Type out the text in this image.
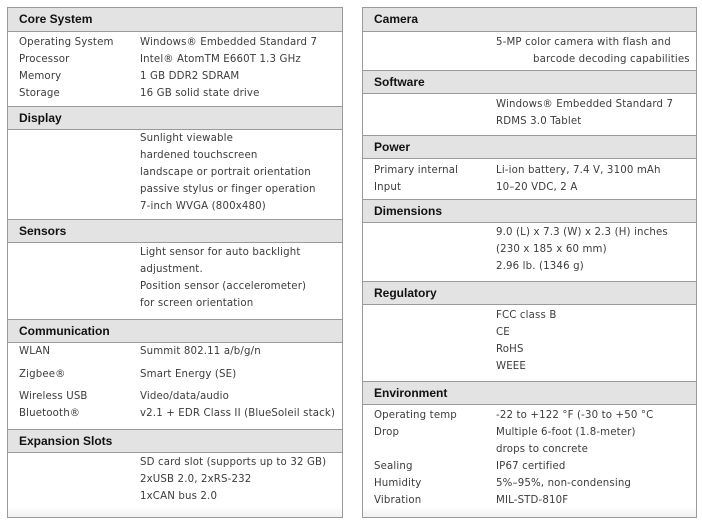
Core System
Operating System	Windows® Embedded Standard 7
Processor	Intel® AtomTM E660T 1.3 GHz
Memory	1 GB DDR2 SDRAM
Storage	16 GB solid state drive
Display
Sunlight viewable
hardened touchscreen
landscape or portrait orientation
passive stylus or finger operation
7-inch WVGA (800x480)
Sensors
Light sensor for auto backlight
adjustment.
Position sensor (accelerometer)
for screen orientation
Communication
WLAN	Summit 802.11 a/b/g/n
Zigbee®	Smart Energy (SE)
Wireless USB	Video/data/audio
Bluetooth®	v2.1 + EDR Class II (BlueSoleil stack)
Expansion Slots
SD card slot (supports up to 32 GB)
2xUSB 2.0, 2xRS-232
1xCAN bus 2.0
Camera
5-MP color camera with flash and
barcode decoding capabilities
Software
Windows® Embedded Standard 7
RDMS 3.0 Tablet
Power
Primary internal	Li-ion battery, 7.4 V, 3100 mAh
Input	10–20 VDC, 2 A
Dimensions
9.0 (L) x 7.3 (W) x 2.3 (H) inches
(230 x 185 x 60 mm)
2.96 lb. (1346 g)
Regulatory
FCC class B
CE
RoHS
WEEE
Environment
Operating temp	-22 to +122 °F (-30 to +50 °C
Drop	Multiple 6-foot (1.8-meter)
drops to concrete
Sealing	IP67 certified
Humidity	5%–95%, non-condensing
Vibration	MIL-STD-810F
